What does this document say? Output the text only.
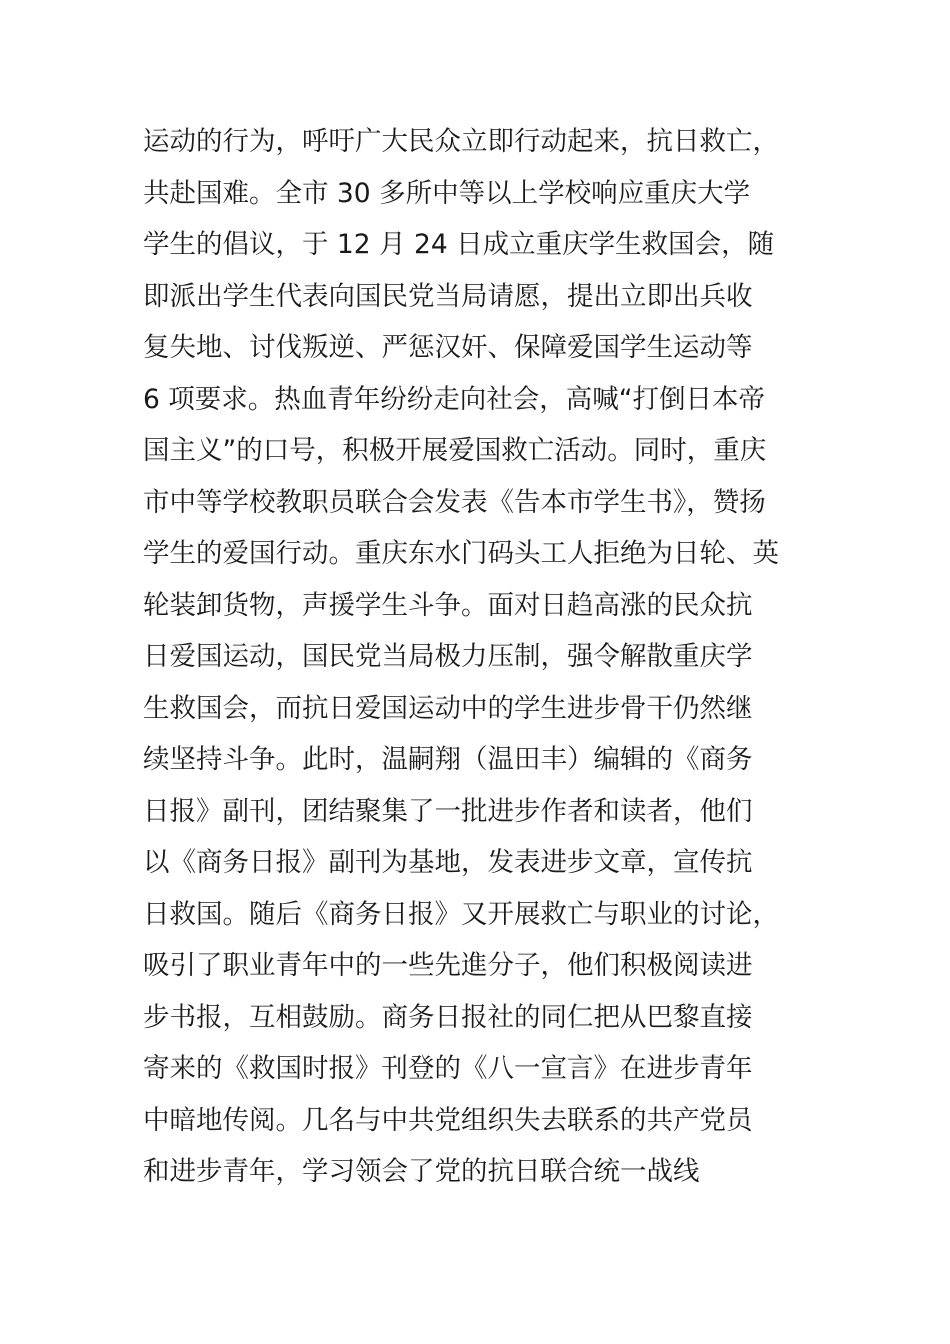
运动的行为，呼吁广大民众立即行动起来，抗日救亡，
共赴国难。全市 30 多所中等以上学校响应重庆大学
学生的倡议，于 12 月 24 日成立重庆学生救国会，随
即派出学生代表向国民党当局请愿，提出立即出兵收
复失地、讨伐叛逆、严惩汉奸、保障爱国学生运动等
6 项要求。热血青年纷纷走向社会，高喊“打倒日本帝
国主义”的口号，积极开展爱国救亡活动。同时，重庆
市中等学校教职员联合会发表《告本市学生书》，赞扬
学生的爱国行动。重庆东水门码头工人拒绝为日轮、英
轮装卸货物，声援学生斗争。面对日趋高涨的民众抗
日爱国运动，国民党当局极力压制，强令解散重庆学
生救国会，而抗日爱国运动中的学生进步骨干仍然继
续坚持斗争。此时，温嗣翔（温田丰）编辑的《商务
日报》副刊，团结聚集了一批进步作者和读者，他们
以《商务日报》副刊为基地，发表进步文章，宣传抗
日救国。随后《商务日报》又开展救亡与职业的讨论，
吸引了职业青年中的一些先進分子，他们积极阅读进
步书报，互相鼓励。商务日报社的同仁把从巴黎直接
寄来的《救国时报》刊登的《八一宣言》在进步青年
中暗地传阅。几名与中共党组织失去联系的共产党员
和进步青年，学习领会了党的抗日联合统一战线
